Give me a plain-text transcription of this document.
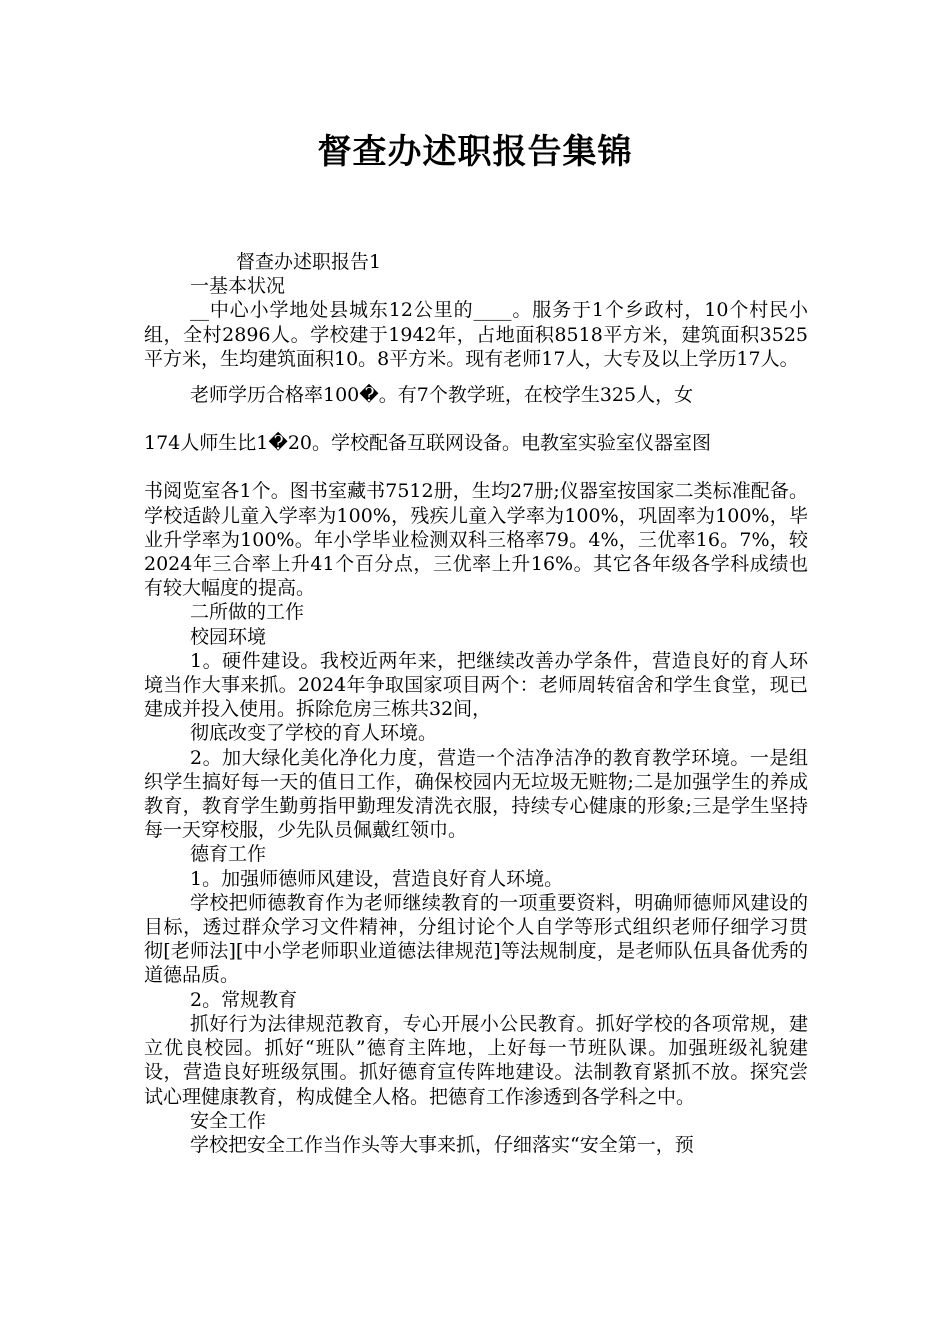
督查办述职报告集锦

督查办述职报告1

一基本状况

__中心小学地处县城东12公里的____。服务于1个乡政村，10个村民小组，全村2896人。学校建于1942年，占地面积8518平方米，建筑面积3525平方米，生均建筑面积10。8平方米。现有老师17人，大专及以上学历17人。

老师学历合格率100�。有7个教学班，在校学生325人，女

174人师生比1�20。学校配备互联网设备。电教室实验室仪器室图

书阅览室各1个。图书室藏书7512册，生均27册;仪器室按国家二类标准配备。学校适龄儿童入学率为100%，残疾儿童入学率为100%，巩固率为100%，毕业升学率为100%。年小学毕业检测双科三格率79。4%，三优率16。7%，较2024年三合率上升41个百分点，三优率上升16%。其它各年级各学科成绩也有较大幅度的提高。

二所做的工作

校园环境

1。硬件建设。我校近两年来，把继续改善办学条件，营造良好的育人环境当作大事来抓。2024年争取国家项目两个：老师周转宿舍和学生食堂，现已建成并投入使用。拆除危房三栋共32间，

彻底改变了学校的育人环境。

2。加大绿化美化净化力度，营造一个洁净洁净的教育教学环境。一是组织学生搞好每一天的值日工作，确保校园内无垃圾无赃物;二是加强学生的养成教育，教育学生勤剪指甲勤理发清洗衣服，持续专心健康的形象;三是学生坚持每一天穿校服，少先队员佩戴红领巾。

德育工作

1。加强师德师风建设，营造良好育人环境。

学校把师德教育作为老师继续教育的一项重要资料，明确师德师风建设的目标，透过群众学习文件精神，分组讨论个人自学等形式组织老师仔细学习贯彻[老师法][中小学老师职业道德法律规范]等法规制度，是老师队伍具备优秀的道德品质。

2。常规教育

抓好行为法律规范教育，专心开展小公民教育。抓好学校的各项常规，建立优良校园。抓好“班队”德育主阵地，上好每一节班队课。加强班级礼貌建设，营造良好班级氛围。抓好德育宣传阵地建设。法制教育紧抓不放。探究尝试心理健康教育，构成健全人格。把德育工作渗透到各学科之中。

安全工作

学校把安全工作当作头等大事来抓，仔细落实“安全第一，预
